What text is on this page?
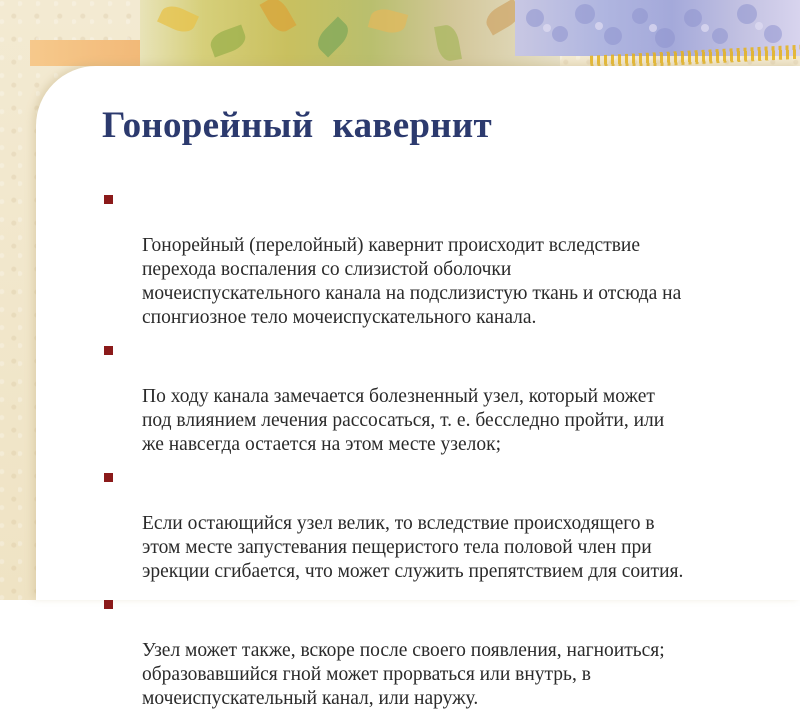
Гонорейный  кавернит

Гонорейный (перелойный) кавернит происходит вследствие
перехода воспаления со слизистой оболочки
мочеиспускательного канала на подслизистую ткань и отсюда на
спонгиозное тело мочеиспускательного канала.

По ходу канала замечается болезненный узел, который может
под влиянием лечения рассосаться, т. е. бесследно пройти, или
же навсегда остается на этом месте узелок;

Если остающийся узел велик, то вследствие происходящего в
этом месте запустевания пещеристого тела половой член при
эрекции сгибается, что может служить препятствием для соития.

Узел может также, вскоре после своего появления, нагноиться;
образовавшийся гной может прорваться или внутрь, в
мочеиспускательный канал, или наружу.
